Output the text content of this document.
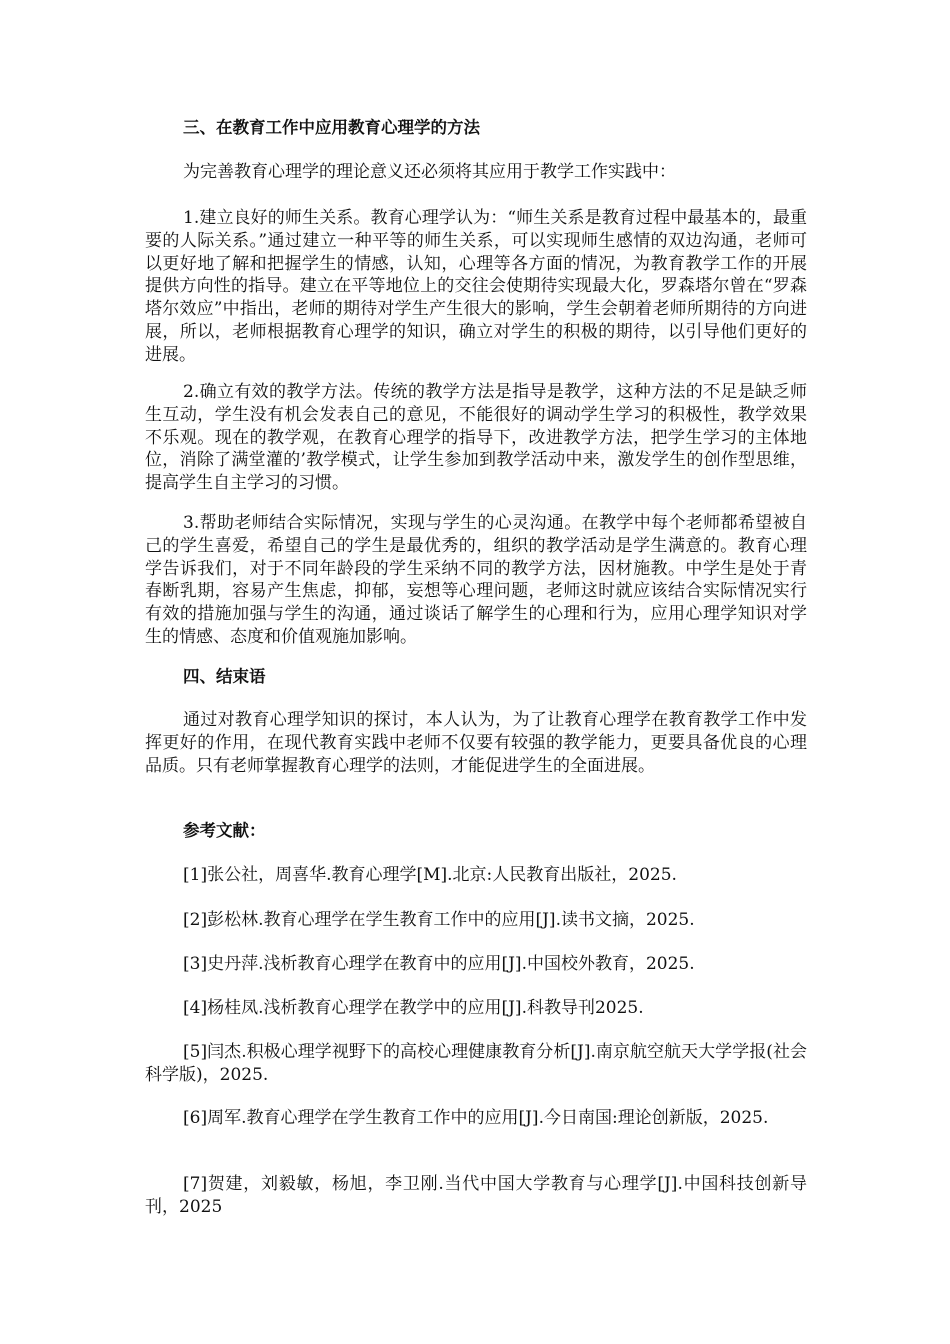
三、在教育工作中应用教育心理学的方法
为完善教育心理学的理论意义还必须将其应用于教学工作实践中：
1.建立良好的师生关系。教育心理学认为：“师生关系是教育过程中最基本的，最重要的人际关系。”通过建立一种平等的师生关系，可以实现师生感情的双边沟通，老师可以更好地了解和把握学生的情感，认知，心理等各方面的情况，为教育教学工作的开展提供方向性的指导。建立在平等地位上的交往会使期待实现最大化，罗森塔尔曾在“罗森塔尔效应”中指出，老师的期待对学生产生很大的影响，学生会朝着老师所期待的方向进展，所以，老师根据教育心理学的知识，确立对学生的积极的期待，以引导他们更好的进展。
2.确立有效的教学方法。传统的教学方法是指导是教学，这种方法的不足是缺乏师生互动，学生没有机会发表自己的意见，不能很好的调动学生学习的积极性，教学效果不乐观。现在的教学观，在教育心理学的指导下，改进教学方法，把学生学习的主体地位，消除了满堂灌的’教学模式，让学生参加到教学活动中来，激发学生的创作型思维，提高学生自主学习的习惯。
3.帮助老师结合实际情况，实现与学生的心灵沟通。在教学中每个老师都希望被自己的学生喜爱，希望自己的学生是最优秀的，组织的教学活动是学生满意的。教育心理学告诉我们，对于不同年龄段的学生采纳不同的教学方法，因材施教。中学生是处于青春断乳期，容易产生焦虑，抑郁，妄想等心理问题，老师这时就应该结合实际情况实行有效的措施加强与学生的沟通，通过谈话了解学生的心理和行为，应用心理学知识对学生的情感、态度和价值观施加影响。
四、结束语
通过对教育心理学知识的探讨，本人认为，为了让教育心理学在教育教学工作中发挥更好的作用，在现代教育实践中老师不仅要有较强的教学能力，更要具备优良的心理品质。只有老师掌握教育心理学的法则，才能促进学生的全面进展。
参考文献：
[1]张公社，周喜华.教育心理学[M].北京:人民教育出版社，2025.
[2]彭松林.教育心理学在学生教育工作中的应用[J].读书文摘，2025.
[3]史丹萍.浅析教育心理学在教育中的应用[J].中国校外教育，2025.
[4]杨桂凤.浅析教育心理学在教学中的应用[J].科教导刊2025.
[5]闫杰.积极心理学视野下的高校心理健康教育分析[J].南京航空航天大学学报(社会科学版)，2025.
[6]周军.教育心理学在学生教育工作中的应用[J].今日南国:理论创新版，2025.
[7]贺建，刘毅敏，杨旭，李卫刚.当代中国大学教育与心理学[J].中国科技创新导刊，2025
